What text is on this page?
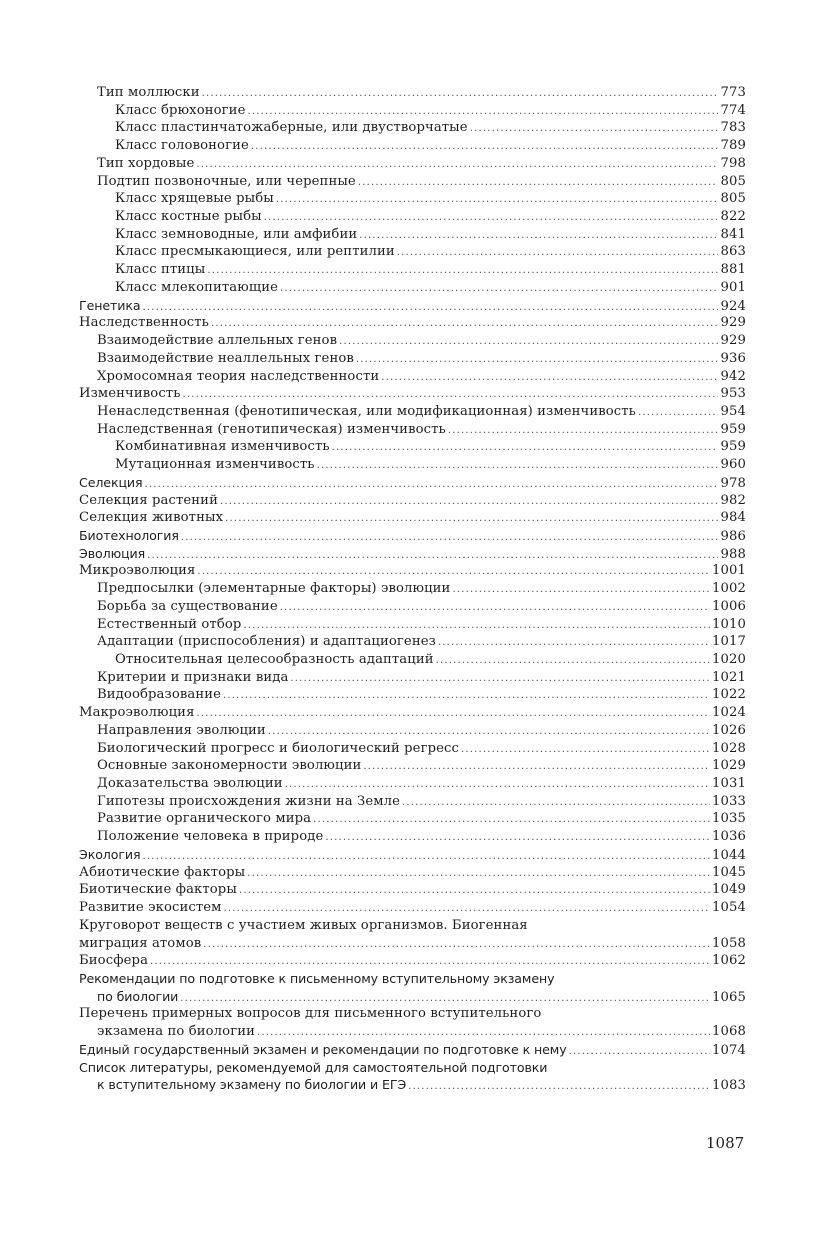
Тип моллюски .....	773
Класс брюхоногие .....	774
Класс пластинчатожаберные, или двустворчатые .....	783
Класс головоногие .....	789
Тип хордовые .....	798
Подтип позвоночные, или черепные .....	805
Класс хрящевые рыбы .....	805
Класс костные рыбы .....	822
Класс земноводные, или амфибии .....	841
Класс пресмыкающиеся, или рептилии .....	863
Класс птицы .....	881
Класс млекопитающие .....	901
Генетика .....	924
Наследственность .....	929
Взаимодействие аллельных генов .....	929
Взаимодействие неаллельных генов .....	936
Хромосомная теория наследственности .....	942
Изменчивость .....	953
Ненаследственная (фенотипическая, или модификационная) изменчивость .....	954
Наследственная (генотипическая) изменчивость .....	959
Комбинативная изменчивость .....	959
Мутационная изменчивость .....	960
Селекция .....	978
Селекция растений .....	982
Селекция животных .....	984
Биотехнология .....	986
Эволюция .....	988
Микроэволюция .....	1001
Предпосылки (элементарные факторы) эволюции .....	1002
Борьба за существование .....	1006
Естественный отбор .....	1010
Адаптации (приспособления) и адаптациогенез .....	1017
Относительная целесообразность адаптаций .....	1020
Критерии и признаки вида .....	1021
Видообразование .....	1022
Макроэволюция .....	1024
Направления эволюции .....	1026
Биологический прогресс и биологический регресс .....	1028
Основные закономерности эволюции .....	1029
Доказательства эволюции .....	1031
Гипотезы происхождения жизни на Земле .....	1033
Развитие органического мира .....	1035
Положение человека в природе .....	1036
Экология .....	1044
Абиотические факторы .....	1045
Биотические факторы .....	1049
Развитие экосистем .....	1054
Круговорот веществ с участием живых организмов. Биогенная
миграция атомов .....	1058
Биосфера .....	1062
Рекомендации по подготовке к письменному вступительному экзамену
по биологии .....	1065
Перечень примерных вопросов для письменного вступительного
экзамена по биологии .....	1068
Единый государственный экзамен и рекомендации по подготовке к нему .....	1074
Список литературы, рекомендуемой для самостоятельной подготовки
к вступительному экзамену по биологии и ЕГЭ .....	1083
1087
